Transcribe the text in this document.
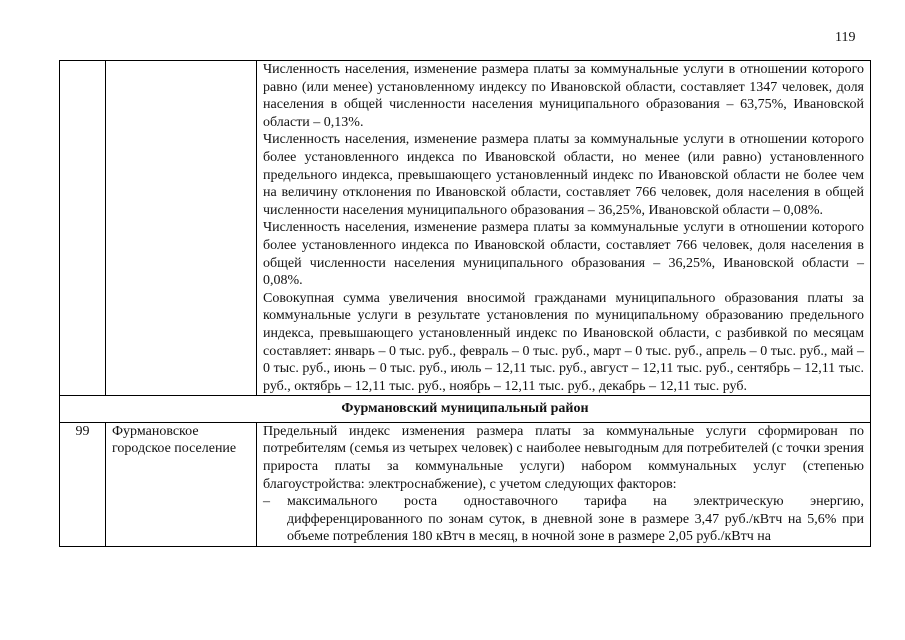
119

		Численность населения, изменение размера платы за коммунальные услуги в отношении которого равно (или менее) установленному индексу по Ивановской области, составляет 1347 человек, доля населения в общей численности населения муниципального образования – 63,75%, Ивановской области – 0,13%.

Численность населения, изменение размера платы за коммунальные услуги в отношении которого более установленного индекса по Ивановской области, но менее (или равно) установленного предельного индекса, превышающего установленный индекс по Ивановской области не более чем на величину отклонения по Ивановской области, составляет 766 человек, доля населения в общей численности населения муниципального образования – 36,25%, Ивановской области – 0,08%.

Численность населения, изменение размера платы за коммунальные услуги в отношении которого более установленного индекса по Ивановской области, составляет 766 человек, доля населения в общей численности населения муниципального образования – 36,25%, Ивановской области – 0,08%.

Совокупная сумма увеличения вносимой гражданами муниципального образования платы за коммунальные услуги в результате установления по муниципальному образованию предельного индекса, превышающего установленный индекс по Ивановской области, с разбивкой по месяцам составляет: январь – 0 тыс. руб., февраль – 0 тыс. руб., март – 0 тыс. руб., апрель – 0 тыс. руб., май – 0 тыс. руб., июнь – 0 тыс. руб., июль – 12,11 тыс. руб., август – 12,11 тыс. руб., сентябрь – 12,11 тыс. руб., октябрь – 12,11 тыс. руб., ноябрь – 12,11 тыс. руб., декабрь – 12,11 тыс. руб.

Фурмановский муниципальный район		
99	Фурмановское городское поселение	Предельный индекс изменения размера платы за коммунальные услуги сформирован по потребителям (семья из четырех человек) с наиболее невыгодным для потребителей (с точки зрения прироста платы за коммунальные услуги) набором коммунальных услуг (степенью благоустройства: электроснабжение), с учетом следующих факторов:

– максимального роста одноставочного тарифа на электрическую энергию, дифференцированного по зонам суток, в дневной зоне в размере 3,47 руб./кВтч на 5,6% при объеме потребления 180 кВтч в месяц, в ночной зоне в размере 2,05 руб./кВтч на
